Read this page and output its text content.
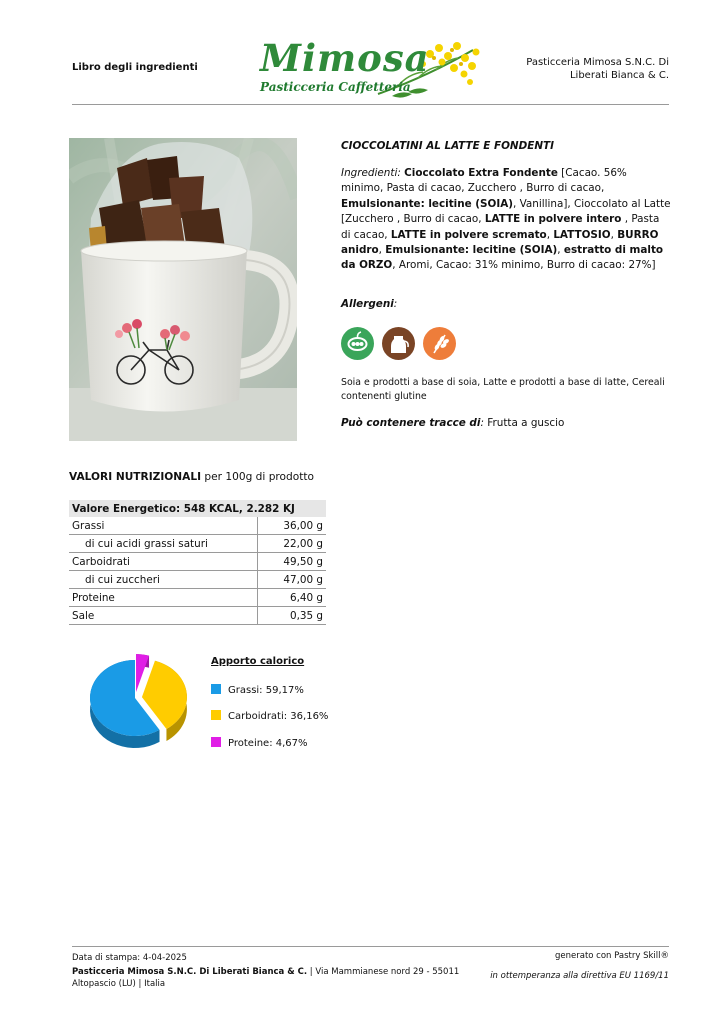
Libro degli ingredienti Mimosa
Pasticceria Caffetteria
Pasticceria Mimosa S.N.C. Di
Liberati Bianca & C.
CIOCCOLATINI AL LATTE E FONDENTI
Ingredienti: Cioccolato Extra Fondente [Cacao. 56% minimo, Pasta di cacao, Zucchero , Burro di cacao, Emulsionante: lecitine (SOIA), Vanillina], Cioccolato al Latte [Zucchero , Burro di cacao, LATTE in polvere intero , Pasta di cacao, LATTE in polvere scremato, LATTOSIO, BURRO anidro, Emulsionante: lecitine (SOIA), estratto di malto da ORZO, Aromi, Cacao: 31% minimo, Burro di cacao: 27%]
Allergeni:
Soia e prodotti a base di soia, Latte e prodotti a base di latte, Cereali contenenti glutine
Può contenere tracce di: Frutta a guscio
VALORI NUTRIZIONALI per 100g di prodotto
Valore Energetico: 548 KCAL, 2.282 KJ	
Grassi	36,00 g
di cui acidi grassi saturi	22,00 g
Carboidrati	49,50 g
di cui zuccheri	47,00 g
Proteine	6,40 g
Sale	0,35 g
Apporto calorico
Grassi: 59,17%
Carboidrati: 36,16%
Proteine: 4,67%
Data di stampa: 4-04-2025	generato con Pastry Skill®
Pasticceria Mimosa S.N.C. Di Liberati Bianca & C. | Via Mammianese nord 29 - 55011
Altopascio (LU) | Italia
in ottemperanza alla direttiva EU 1169/11
